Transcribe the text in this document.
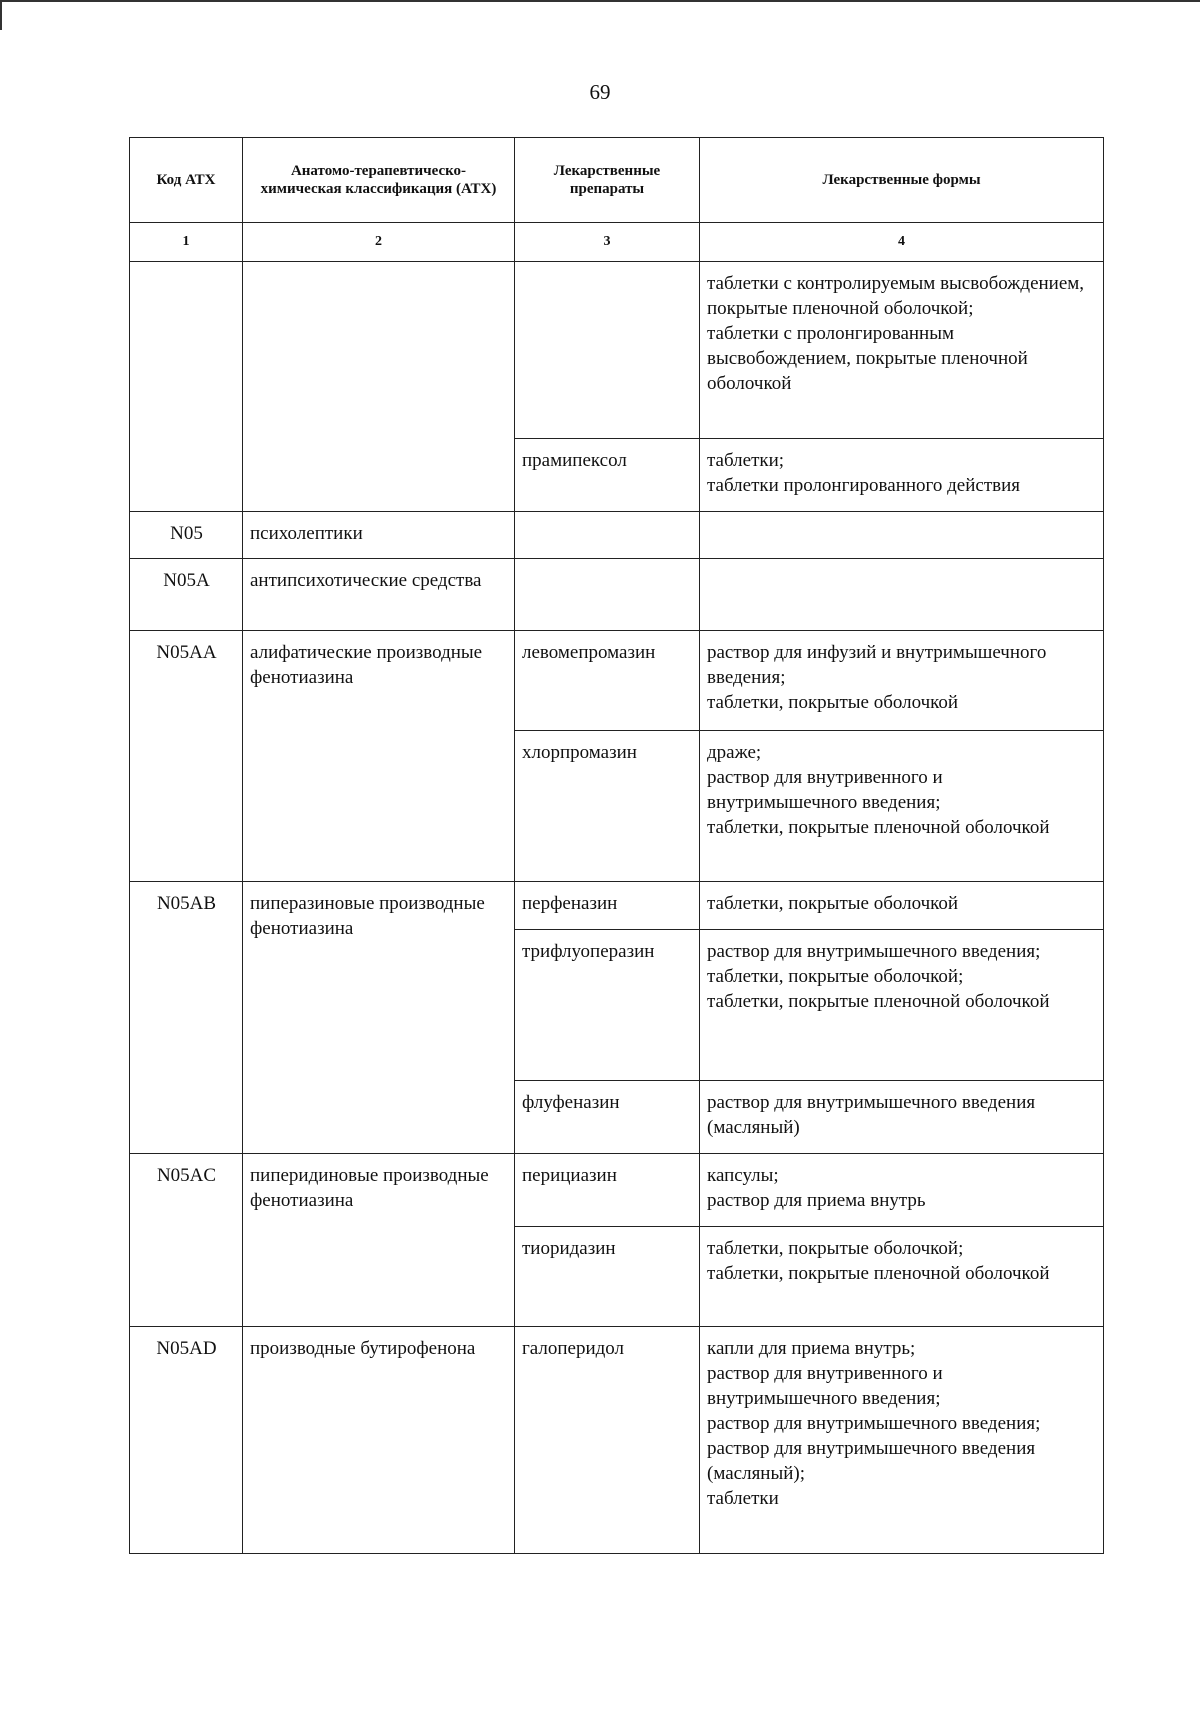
69
Код АТХ	Анатомо-терапевтическо-химическая классификация (АТХ)	Лекарственные препараты	Лекарственные формы
1	2	3	4

			таблетки с контролируемым высвобождением, покрытые пленочной оболочкой;
таблетки с пролонгированным высвобождением, покрытые пленочной оболочкой

		прамипексол	таблетки;
таблетки пролонгированного действия

N05	психолептики		
N05A	антипсихотические средства		
N05AA	алифатические производные фенотиазина	левомепромазин	раствор для инфузий и внутримышечного введения;
таблетки, покрытые оболочкой

		хлорпромазин	драже;
раствор для внутривенного и внутримышечного введения;
таблетки, покрытые пленочной оболочкой

N05AB	пиперазиновые производные фенотиазина	перфеназин	таблетки, покрытые оболочкой

		трифлуоперазин	раствор для внутримышечного введения;
таблетки, покрытые оболочкой;
таблетки, покрытые пленочной оболочкой

		флуфеназин	раствор для внутримышечного введения (масляный)

N05AC	пиперидиновые производные фенотиазина	перициазин	капсулы;
раствор для приема внутрь

		тиоридазин	таблетки, покрытые оболочкой;
таблетки, покрытые пленочной оболочкой

N05AD	производные бутирофенона	галоперидол	капли для приема внутрь;
раствор для внутривенного и внутримышечного введения;
раствор для внутримышечного введения;
раствор для внутримышечного введения (масляный);
таблетки
